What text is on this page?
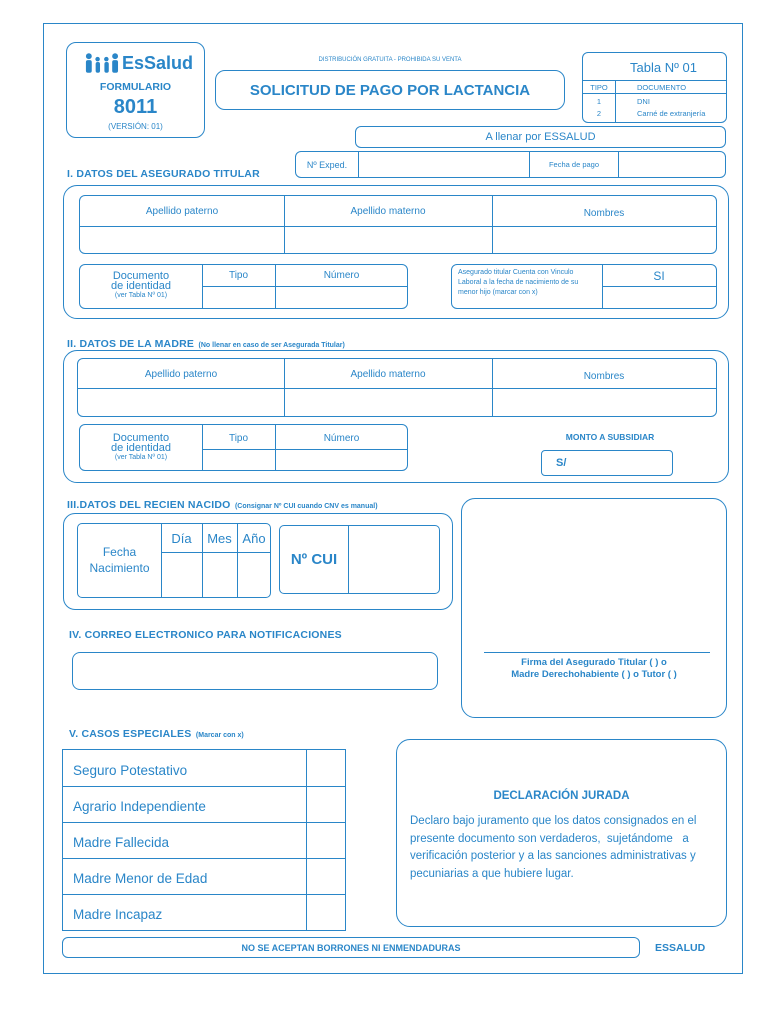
EsSalud
FORMULARIO
8011
(VERSIÓN: 01)
DISTRIBUCIÓN GRATUITA - PROHIBIDA SU VENTA
SOLICITUD DE PAGO POR LACTANCIA
Tabla Nº 01
TIPO	DOCUMENTO
1	DNI
2	Carné de extranjería
A llenar por ESSALUD
Nº Exped.	Fecha de pago
I. DATOS DEL ASEGURADO TITULAR
Apellido paterno	Apellido materno	Nombres
Documento
de identidad
(ver Tabla Nº 01)
Tipo	Número	Asegurado titular Cuenta con Vinculo
Laboral a la fecha de nacimiento de su
menor hijo (marcar con x)
SI
II. DATOS DE LA MADRE (No llenar en caso de ser Asegurada Titular)
Apellido paterno	Apellido materno	Nombres
Documento
de identidad
(ver Tabla Nº 01)
Tipo	Número	MONTO A SUBSIDIAR
S/
III.DATOS DEL RECIEN NACIDO (Consignar Nº CUI cuando CNV es manual)
Fecha
Nacimiento
Día	Mes Año
Nº CUI
Firma del Asegurado Titular ( ) o
Madre Derechohabiente ( ) o Tutor ( )
IV. CORREO ELECTRONICO PARA NOTIFICACIONES
V. CASOS ESPECIALES (Marcar con x)
Seguro Potestativo
Agrario Independiente
Madre Fallecida
Madre Menor de Edad
Madre Incapaz
DECLARACIÓN JURADA
Declaro bajo juramento que los datos consignados en el
presente documento son verdaderos,  sujetándome   a
verificación posterior y a las sanciones administrativas y
pecuniarias a que hubiere lugar.
NO SE ACEPTAN BORRONES NI ENMENDADURAS	ESSALUD
